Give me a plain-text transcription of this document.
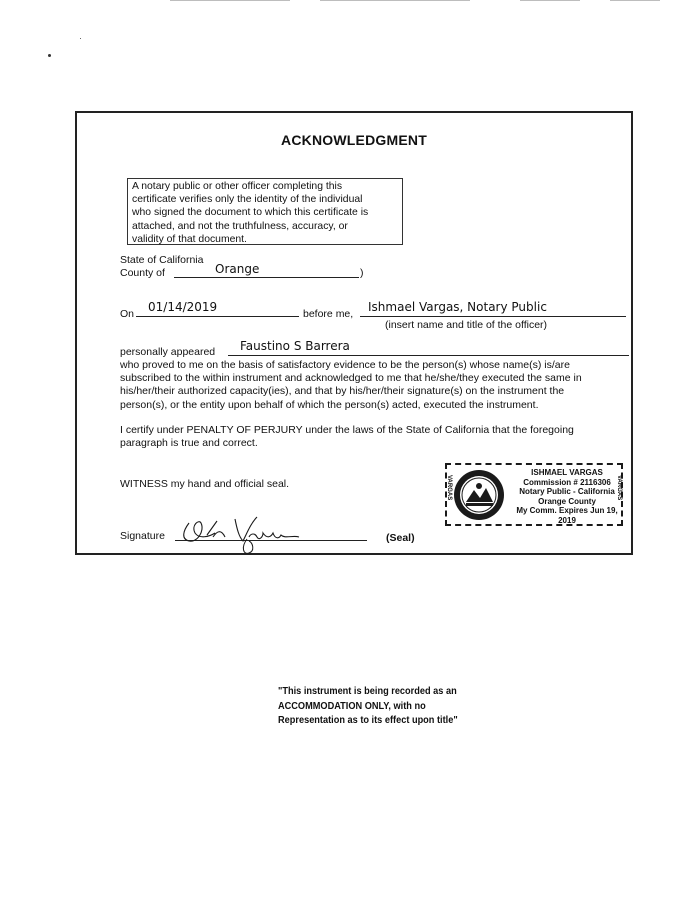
ACKNOWLEDGMENT
A notary public or other officer completing this
certificate verifies only the identity of the individual
who signed the document to which this certificate is
attached, and not the truthfulness, accuracy, or
validity of that document.
State of California
County of	Orange	)
On 01/14/2019	before me, Ishmael Vargas, Notary Public
(insert name and title of the officer)
personally appeared Faustino S Barrera
who proved to me on the basis of satisfactory evidence to be the person(s) whose name(s) is/are
subscribed to the within instrument and acknowledged to me that he/she/they executed the same in
his/her/their authorized capacity(ies), and that by his/her/their signature(s) on the instrument the
person(s), or the entity upon behalf of which the person(s) acted, executed the instrument.
I certify under PENALTY OF PERJURY under the laws of the State of California that the foregoing
paragraph is true and correct.
WITNESS my hand and official seal.
Signature	(Seal)
ISHMAEL VARGAS
Commission # 2116306
Notary Public - California
Orange County
My Comm. Expires Jun 19, 2019
VARGAS	VARGAS
"This instrument is being recorded as an
ACCOMMODATION ONLY, with no
Representation as to its effect upon title"
